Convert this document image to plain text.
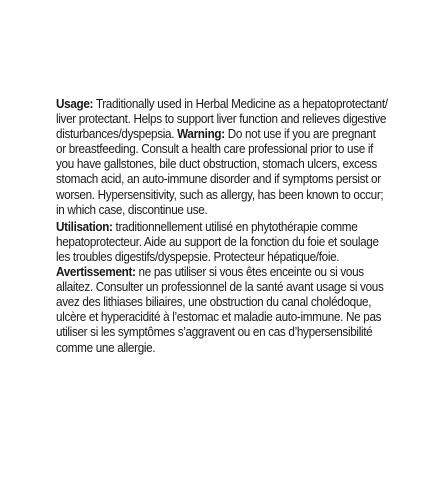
Usage: Traditionally used in Herbal Medicine as a hepatoprotectant/ liver protectant. Helps to support liver function and relieves digestive disturbances/dyspepsia. Warning: Do not use if you are pregnant or breastfeeding. Consult a health care professional prior to use if you have gallstones, bile duct obstruction, stomach ulcers, excess stomach acid, an auto-immune disorder and if symptoms persist or worsen. Hypersensitivity, such as allergy, has been known to occur; in which case, discontinue use.

Utilisation: traditionnellement utilisé en phytothérapie comme hepatoprotecteur. Aide au support de la fonction du foie et soulage les troubles digestifs/dyspepsie. Protecteur hépatique/foie. Avertissement: ne pas utiliser si vous êtes enceinte ou si vous allaitez. Consulter un professionnel de la santé avant usage si vous avez des lithiases biliaires, une obstruction du canal cholédoque, ulcère et hyperacidité à l’estomac et maladie auto-immune. Ne pas utiliser si les symptômes s’aggravent ou en cas d’hypersensibilité comme une allergie.
